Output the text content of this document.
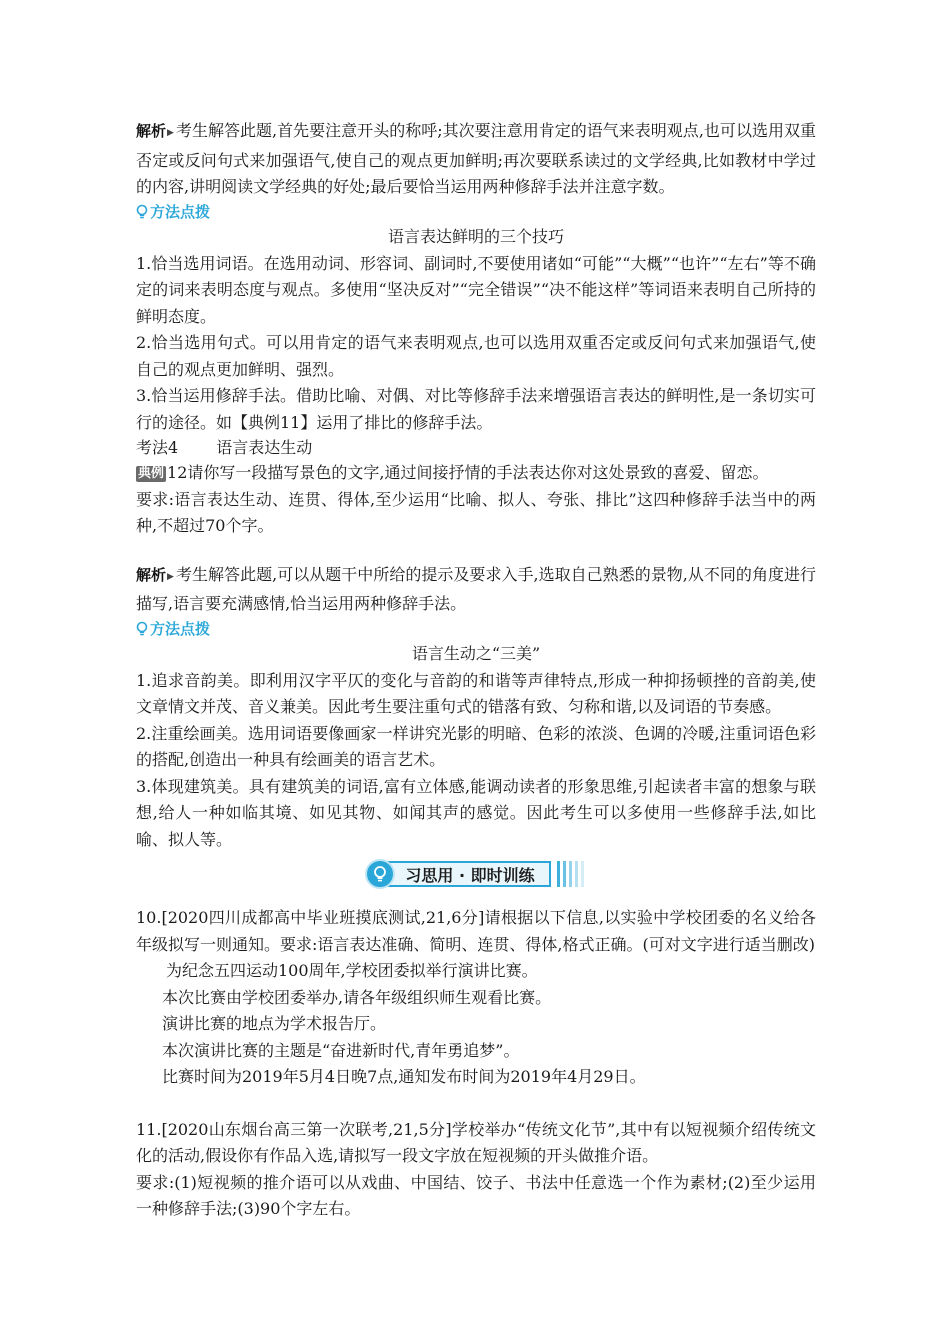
解析▶ 考生解答此题,首先要注意开头的称呼;其次要注意用肯定的语气来表明观点,也可以选用双重否定或反问句式来加强语气,使自己的观点更加鲜明;再次要联系读过的文学经典,比如教材中学过的内容,讲明阅读文学经典的好处;最后要恰当运用两种修辞手法并注意字数。

方法点拨

语言表达鲜明的三个技巧

1.恰当选用词语。在选用动词、形容词、副词时,不要使用诸如“可能”“大概”“也许”“左右”等不确定的词来表明态度与观点。多使用“坚决反对”“完全错误”“决不能这样”等词语来表明自己所持的鲜明态度。

2.恰当选用句式。可以用肯定的语气来表明观点,也可以选用双重否定或反问句式来加强语气,使自己的观点更加鲜明、强烈。

3.恰当运用修辞手法。借助比喻、对偶、对比等修辞手法来增强语言表达的鲜明性,是一条切实可行的途径。如【典例11】运用了排比的修辞手法。

考法4 语言表达生动

典例 12请你写一段描写景色的文字,通过间接抒情的手法表达你对这处景致的喜爱、留恋。

要求:语言表达生动、连贯、得体,至少运用“比喻、拟人、夸张、排比”这四种修辞手法当中的两种,不超过70个字。

解析▶ 考生解答此题,可以从题干中所给的提示及要求入手,选取自己熟悉的景物,从不同的角度进行描写,语言要充满感情,恰当运用两种修辞手法。

方法点拨

语言生动之“三美”

1.追求音韵美。即利用汉字平仄的变化与音韵的和谐等声律特点,形成一种抑扬顿挫的音韵美,使文章情文并茂、音义兼美。因此考生要注重句式的错落有致、匀称和谐,以及词语的节奏感。

2.注重绘画美。选用词语要像画家一样讲究光影的明暗、色彩的浓淡、色调的冷暖,注重词语色彩的搭配,创造出一种具有绘画美的语言艺术。

3.体现建筑美。具有建筑美的词语,富有立体感,能调动读者的形象思维,引起读者丰富的想象与联想,给人一种如临其境、如见其物、如闻其声的感觉。因此考生可以多使用一些修辞手法,如比喻、拟人等。

习思用 · 即时训练

10.[2020四川成都高中毕业班摸底测试,21,6分]请根据以下信息,以实验中学校团委的名义给各年级拟写一则通知。要求:语言表达准确、简明、连贯、得体,格式正确。(可对文字进行适当删改)

为纪念五四运动100周年,学校团委拟举行演讲比赛。

本次比赛由学校团委举办,请各年级组织师生观看比赛。

演讲比赛的地点为学术报告厅。

本次演讲比赛的主题是“奋进新时代,青年勇追梦”。

比赛时间为2019年5月4日晚7点,通知发布时间为2019年4月29日。

11.[2020山东烟台高三第一次联考,21,5分]学校举办“传统文化节”,其中有以短视频介绍传统文化的活动,假设你有作品入选,请拟写一段文字放在短视频的开头做推介语。

要求:(1)短视频的推介语可以从戏曲、中国结、饺子、书法中任意选一个作为素材;(2)至少运用一种修辞手法;(3)90个字左右。
